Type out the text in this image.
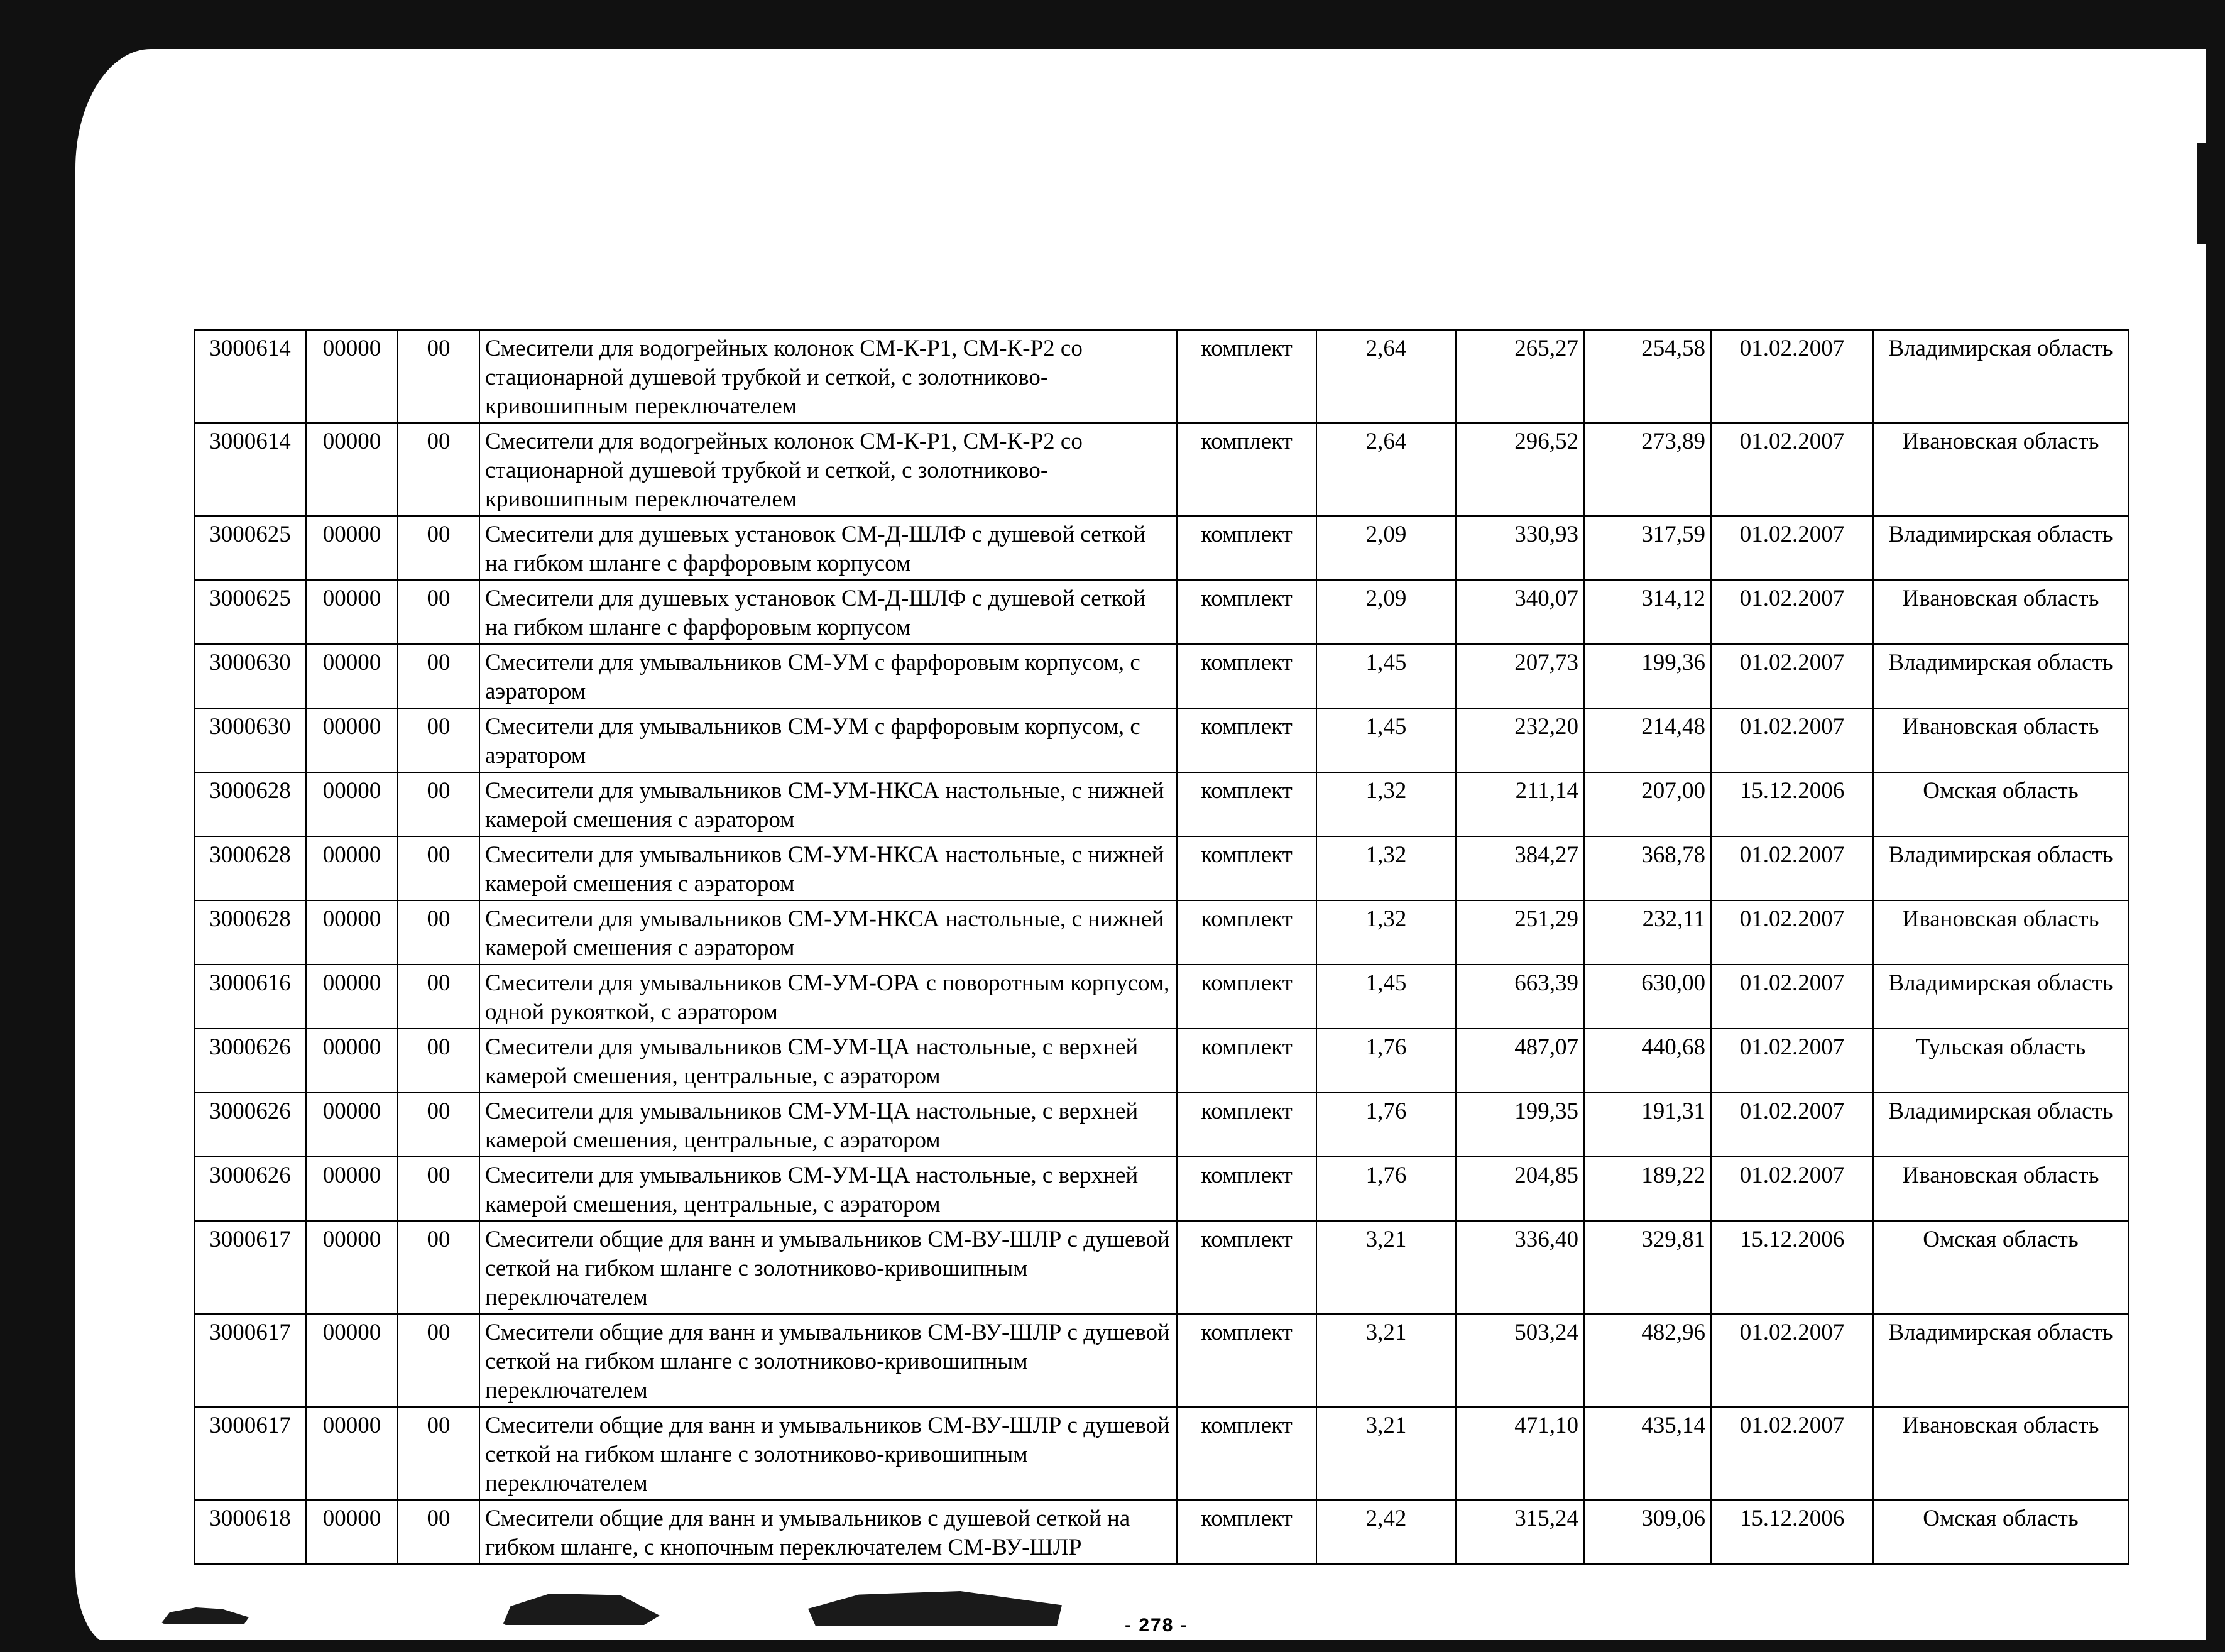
3000614	00000	00	Смесители для водогрейных колонок СМ-К-Р1, СМ-К-Р2 со стационарной душевой трубкой и сеткой, с золотниково-кривошипным переключателем	комплект	2,64	265,27	254,58	01.02.2007	Владимирская область
3000614	00000	00	Смесители для водогрейных колонок СМ-К-Р1, СМ-К-Р2 со стационарной душевой трубкой и сеткой, с золотниково-кривошипным переключателем	комплект	2,64	296,52	273,89	01.02.2007	Ивановская область
3000625	00000	00	Смесители для душевых установок СМ-Д-ШЛФ с душевой сеткой на гибком шланге с фарфоровым корпусом	комплект	2,09	330,93	317,59	01.02.2007	Владимирская область
3000625	00000	00	Смесители для душевых установок СМ-Д-ШЛФ с душевой сеткой на гибком шланге с фарфоровым корпусом	комплект	2,09	340,07	314,12	01.02.2007	Ивановская область
3000630	00000	00	Смесители для умывальников СМ-УМ с фарфоровым корпусом, с аэратором	комплект	1,45	207,73	199,36	01.02.2007	Владимирская область
3000630	00000	00	Смесители для умывальников СМ-УМ с фарфоровым корпусом, с аэратором	комплект	1,45	232,20	214,48	01.02.2007	Ивановская область
3000628	00000	00	Смесители для умывальников СМ-УМ-НКСА настольные, с нижней камерой смешения с аэратором	комплект	1,32	211,14	207,00	15.12.2006	Омская область
3000628	00000	00	Смесители для умывальников СМ-УМ-НКСА настольные, с нижней камерой смешения с аэратором	комплект	1,32	384,27	368,78	01.02.2007	Владимирская область
3000628	00000	00	Смесители для умывальников СМ-УМ-НКСА настольные, с нижней камерой смешения с аэратором	комплект	1,32	251,29	232,11	01.02.2007	Ивановская область
3000616	00000	00	Смесители для умывальников СМ-УМ-ОРА с поворотным корпусом, одной рукояткой, с аэратором	комплект	1,45	663,39	630,00	01.02.2007	Владимирская область
3000626	00000	00	Смесители для умывальников СМ-УМ-ЦА настольные, с верхней камерой смешения, центральные, с аэратором	комплект	1,76	487,07	440,68	01.02.2007	Тульская область
3000626	00000	00	Смесители для умывальников СМ-УМ-ЦА настольные, с верхней камерой смешения, центральные, с аэратором	комплект	1,76	199,35	191,31	01.02.2007	Владимирская область
3000626	00000	00	Смесители для умывальников СМ-УМ-ЦА настольные, с верхней камерой смешения, центральные, с аэратором	комплект	1,76	204,85	189,22	01.02.2007	Ивановская область
3000617	00000	00	Смесители общие для ванн и умывальников СМ-ВУ-ШЛР с душевой сеткой на гибком шланге с золотниково-кривошипным переключателем	комплект	3,21	336,40	329,81	15.12.2006	Омская область
3000617	00000	00	Смесители общие для ванн и умывальников СМ-ВУ-ШЛР с душевой сеткой на гибком шланге с золотниково-кривошипным переключателем	комплект	3,21	503,24	482,96	01.02.2007	Владимирская область
3000617	00000	00	Смесители общие для ванн и умывальников СМ-ВУ-ШЛР с душевой сеткой на гибком шланге с золотниково-кривошипным переключателем	комплект	3,21	471,10	435,14	01.02.2007	Ивановская область
3000618	00000	00	Смесители общие для ванн и умывальников с душевой сеткой на гибком шланге, с кнопочным переключателем СМ-ВУ-ШЛР	комплект	2,42	315,24	309,06	15.12.2006	Омская область
- 278 -
